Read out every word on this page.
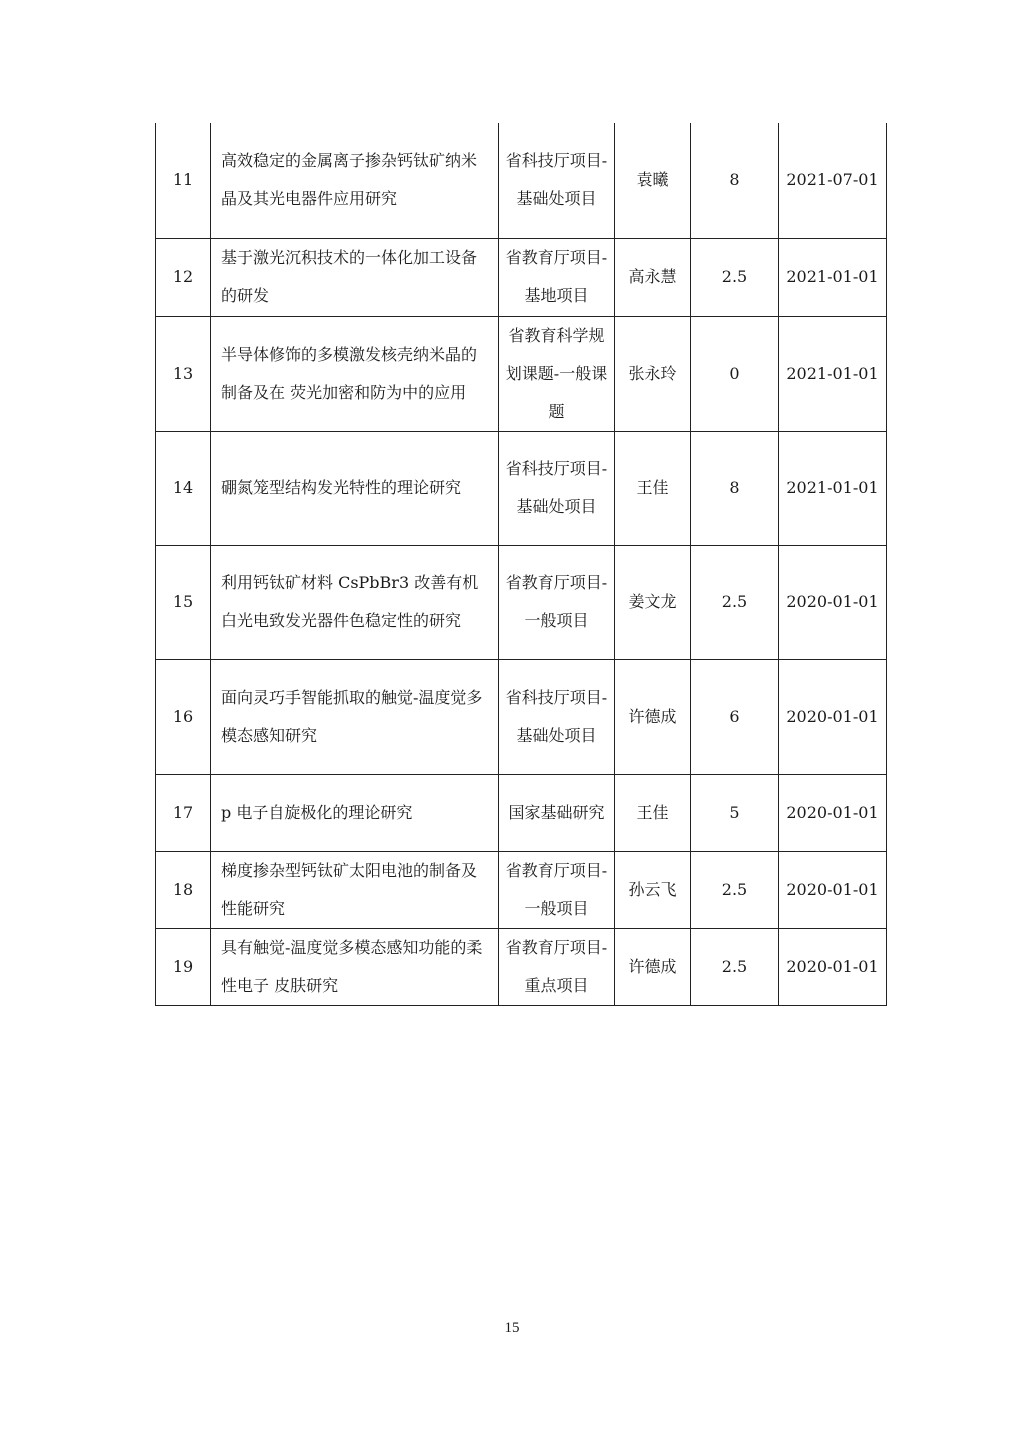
11	高效稳定的金属离子掺杂钙钛矿纳米晶及其光电器件应用研究	省科技厅项目-基础处项目	袁曦	8	2021-07-01
12	基于激光沉积技术的一体化加工设备的研发	省教育厅项目-基地项目	高永慧	2.5	2021-01-01
13	半导体修饰的多模激发核壳纳米晶的制备及在 荧光加密和防为中的应用	省教育科学规划课题-一般课题	张永玲	0	2021-01-01
14	硼氮笼型结构发光特性的理论研究	省科技厅项目-基础处项目	王佳	8	2021-01-01
15	利用钙钛矿材料 CsPbBr3 改善有机白光电致发光器件色稳定性的研究	省教育厅项目-一般项目	姜文龙	2.5	2020-01-01
16	面向灵巧手智能抓取的触觉-温度觉多模态感知研究	省科技厅项目-基础处项目	许德成	6	2020-01-01
17	p 电子自旋极化的理论研究	国家基础研究	王佳	5	2020-01-01
18	梯度掺杂型钙钛矿太阳电池的制备及性能研究	省教育厅项目-一般项目	孙云飞	2.5	2020-01-01
19	具有触觉-温度觉多模态感知功能的柔性电子 皮肤研究	省教育厅项目-重点项目	许德成	2.5	2020-01-01
15
